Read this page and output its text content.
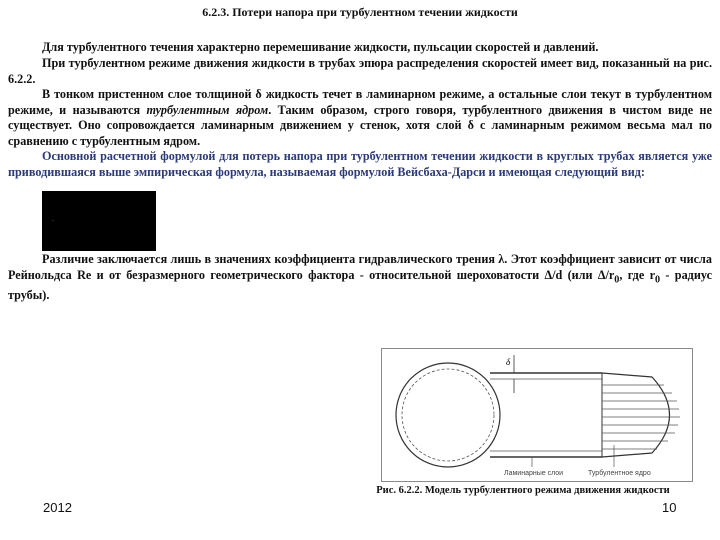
6.2.3. Потери напора при турбулентном течении жидкости

Для турбулентного течения характерно перемешивание жидкости, пульсации скоростей и давлений.

При турбулентном режиме движения жидкости в трубах эпюра распределения скоростей имеет вид, показанный на рис. 6.2.2.

В тонком пристенном слое толщиной δ жидкость течет в ламинарном режиме, а остальные слои текут в турбулентном режиме, и называются турбулентным ядром. Таким образом, строго говоря, турбулентного движения в чистом виде не существует. Оно сопровождается ламинарным движением у стенок, хотя слой δ с ламинарным режимом весьма мал по сравнению с турбулентным ядром.

Основной расчетной формулой для потерь напора при турбулентном течении жидкости в круглых трубах является уже приводившаяся выше эмпирическая формула, называемая формулой Вейсбаха-Дарси и имеющая следующий вид:

.

Различие заключается лишь в значениях коэффициента гидравлического трения λ. Этот коэффициент зависит от числа Рейнольдса Re и от безразмерного геометрического фактора - относительной шероховатости Δ/d (или $\Delta/r_0$, где $r_0$ - радиус трубы).

δ
Ламинарные слои	Турбулентное ядро
Рис. 6.2.2. Модель турбулентного режима движения жидкости
2012	10
